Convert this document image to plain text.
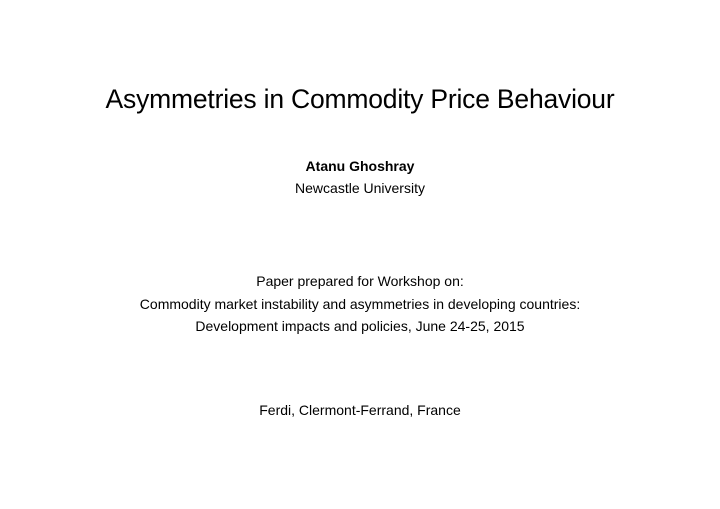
Asymmetries in Commodity Price Behaviour
Atanu Ghoshray
Newcastle University
Paper prepared for Workshop on:
Commodity market instability and asymmetries in developing countries:
Development impacts and policies, June 24-25, 2015
Ferdi, Clermont-Ferrand, France
